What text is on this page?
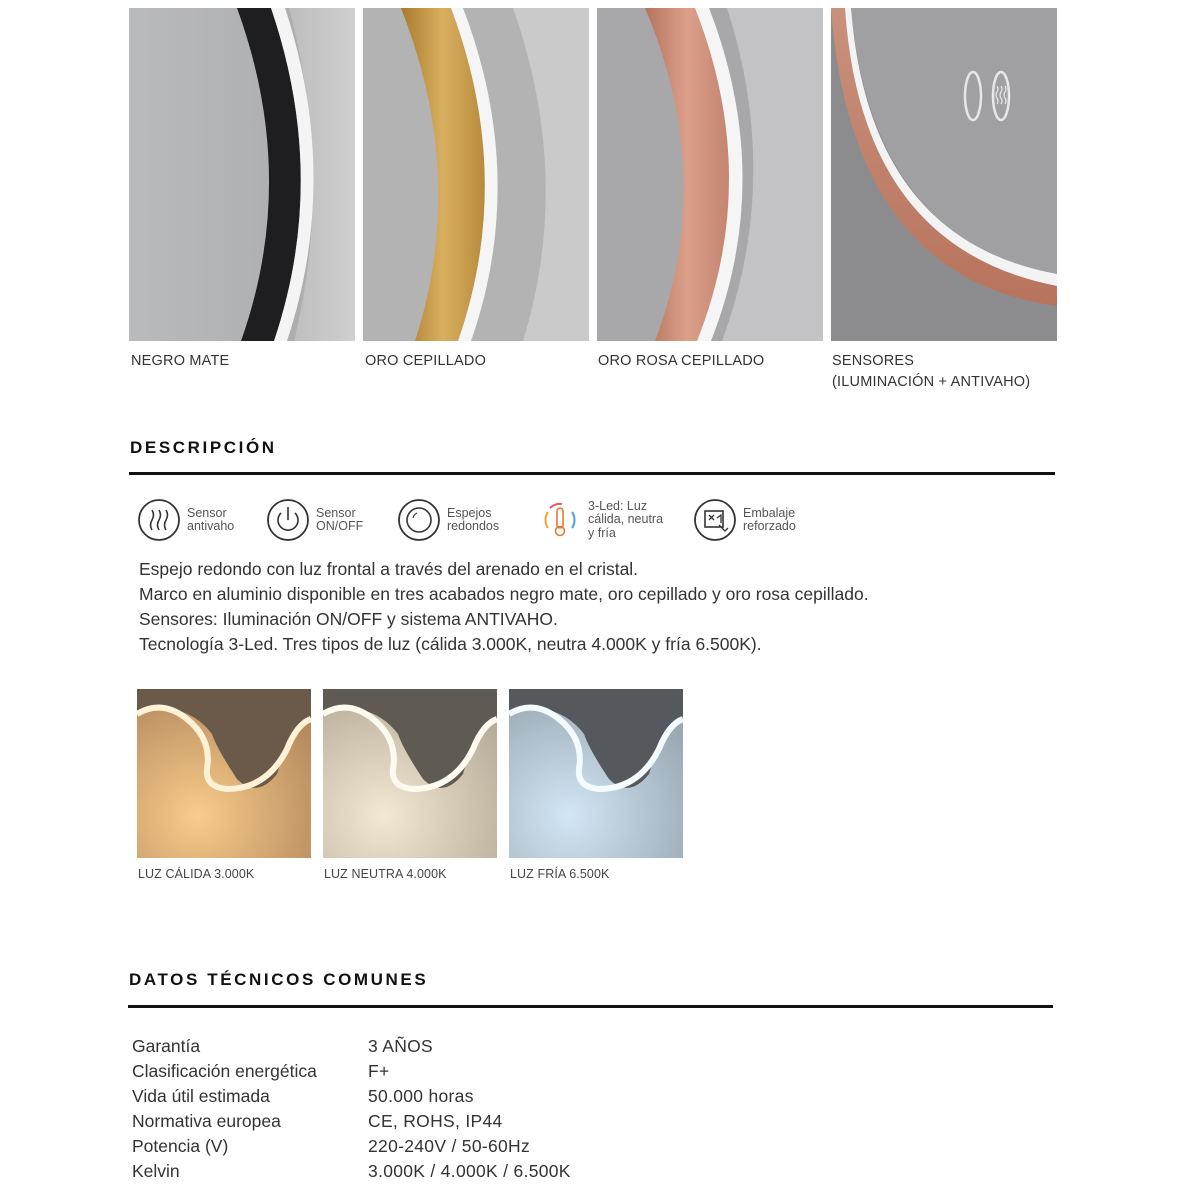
NEGRO MATE	ORO CEPILLADO	ORO ROSA CEPILLADO	SENSORES
(ILUMINACIÓN + ANTIVAHO)
DESCRIPCIÓN
Sensor
antivaho
Sensor
ON/OFF
Espejos
redondos
3-Led: Luz
cálida, neutra
y fría
Embalaje
reforzado

Espejo redondo con luz frontal a través del arenado en el cristal.

Marco en aluminio disponible en tres acabados negro mate, oro cepillado y oro rosa cepillado.

Sensores: Iluminación ON/OFF y sistema ANTIVAHO.

Tecnología 3-Led. Tres tipos de luz (cálida 3.000K, neutra 4.000K y fría 6.500K).

LUZ CÁLIDA 3.000K	LUZ NEUTRA 4.000K	LUZ FRÍA 6.500K
DATOS TÉCNICOS COMUNES
Garantía	3 AÑOS
Clasificación energética	F+
Vida útil estimada	50.000 horas
Normativa europea	CE, ROHS, IP44
Potencia (V)	220-240V / 50-60Hz
Kelvin	3.000K / 4.000K / 6.500K
